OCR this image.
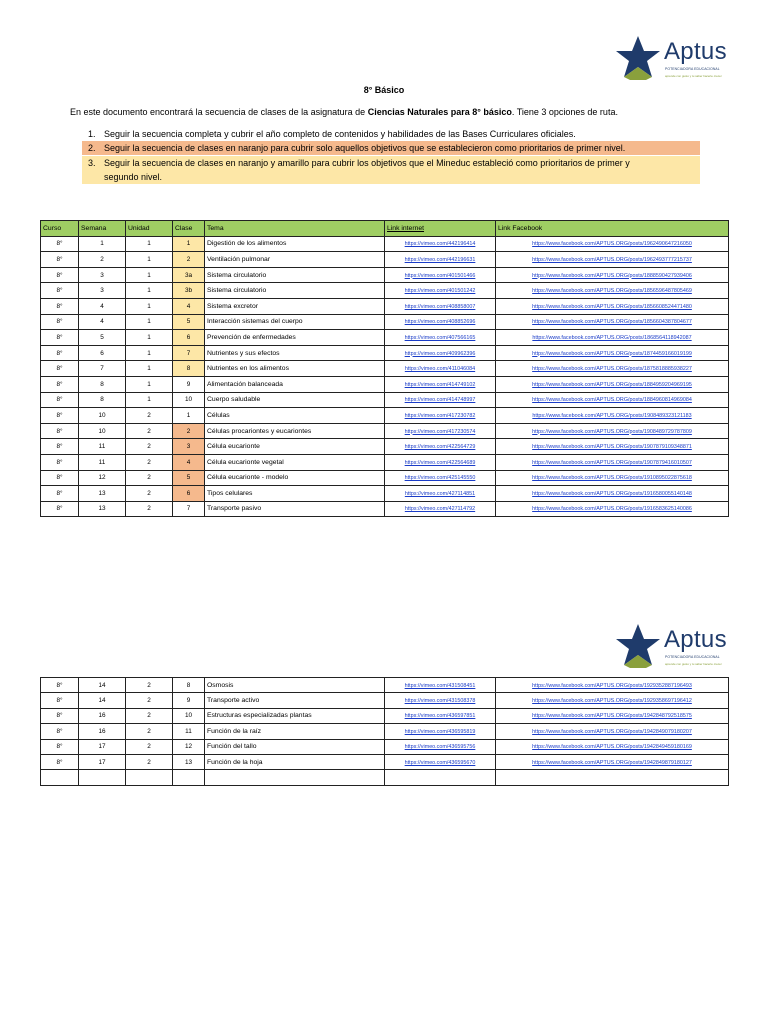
Aptus
POTENCIADORA EDUCACIONAL
aprende con gusto y tu saber hacerte crecer
8° Básico
En este documento encontrará la secuencia de clases de la asignatura de Ciencias Naturales para 8° básico. Tiene 3 opciones de ruta.
1. Seguir la secuencia completa y cubrir el año completo de contenidos y habilidades de las Bases Curriculares oficiales.
2. Seguir la secuencia de clases en naranjo para cubrir solo aquellos objetivos que se establecieron como prioritarios de primer nivel.
3. Seguir la secuencia de clases en naranjo y amarillo para cubrir los objetivos que el Mineduc estableció como prioritarios de primer y
segundo nivel.
Curso	Semana	Unidad	Clase	Tema	Link internet	Link Facebook
8°	1	1	1	Digestión de los alimentos	https://vimeo.com/442196414	https://www.facebook.com/APTUS.ORG/posts/1962490647216050
8°	2	1	2	Ventilación pulmonar	https://vimeo.com/442196631	https://www.facebook.com/APTUS.ORG/posts/1962493777215737
8°	3	1	3a	Sistema circulatorio	https://vimeo.com/401501466	https://www.facebook.com/APTUS.ORG/posts/1888590427939406
8°	3	1	3b	Sistema circulatorio	https://vimeo.com/401501242	https://www.facebook.com/APTUS.ORG/posts/1856596487805469
8°	4	1	4	Sistema excretor	https://vimeo.com/408858007	https://www.facebook.com/APTUS.ORG/posts/1856608524471480
8°	4	1	5	Interacción sistemas del cuerpo	https://vimeo.com/408852696	https://www.facebook.com/APTUS.ORG/posts/1856604387804677
8°	5	1	6	Prevención de enfermedades	https://vimeo.com/407566165	https://www.facebook.com/APTUS.ORG/posts/1868564118942087
8°	6	1	7	Nutrientes y sus efectos	https://vimeo.com/409962396	https://www.facebook.com/APTUS.ORG/posts/1874459166019199
8°	7	1	8	Nutrientes en los alimentos	https://vimeo.com/411046084	https://www.facebook.com/APTUS.ORG/posts/1875818885938227
8°	8	1	9	Alimentación balanceada	https://vimeo.com/414749102	https://www.facebook.com/APTUS.ORG/posts/1884959204969195
8°	8	1	10	Cuerpo saludable	https://vimeo.com/414748997	https://www.facebook.com/APTUS.ORG/posts/1884960814969084
8°	10	2	1	Células	https://vimeo.com/417230782	https://www.facebook.com/APTUS.ORG/posts/1908489323121183
8°	10	2	2	Células procariontes y eucariontes	https://vimeo.com/417230574	https://www.facebook.com/APTUS.ORG/posts/1908489729787809
8°	11	2	3	Célula eucarionte	https://vimeo.com/422564729	https://www.facebook.com/APTUS.ORG/posts/1907879109348871
8°	11	2	4	Célula eucarionte vegetal	https://vimeo.com/422564689	https://www.facebook.com/APTUS.ORG/posts/1907879416010507
8°	12	2	5	Célula eucarionte - modelo	https://vimeo.com/425145550	https://www.facebook.com/APTUS.ORG/posts/1910895022875618
8°	13	2	6	Tipos celulares	https://vimeo.com/427114851	https://www.facebook.com/APTUS.ORG/posts/1916580055140148
8°	13	2	7	Transporte pasivo	https://vimeo.com/427114792	https://www.facebook.com/APTUS.ORG/posts/1916583625140086
Aptus
POTENCIADORA EDUCACIONAL
aprende con gusto y tu saber hacerte crecer
8°	14	2	8	Osmosis	https://vimeo.com/431508451	https://www.facebook.com/APTUS.ORG/posts/1929352887196493
8°	14	2	9	Transporte activo	https://vimeo.com/431508378	https://www.facebook.com/APTUS.ORG/posts/1929358697196412
8°	16	2	10	Estructuras especializadas plantas	https://vimeo.com/436597851	https://www.facebook.com/APTUS.ORG/posts/1942848792518575
8°	16	2	11	Función de la raíz	https://vimeo.com/436595819	https://www.facebook.com/APTUS.ORG/posts/1942849079180207
8°	17	2	12	Función del tallo	https://vimeo.com/436595756	https://www.facebook.com/APTUS.ORG/posts/1942849459180169
8°	17	2	13	Función de la hoja	https://vimeo.com/436595670	https://www.facebook.com/APTUS.ORG/posts/1942849879180127
